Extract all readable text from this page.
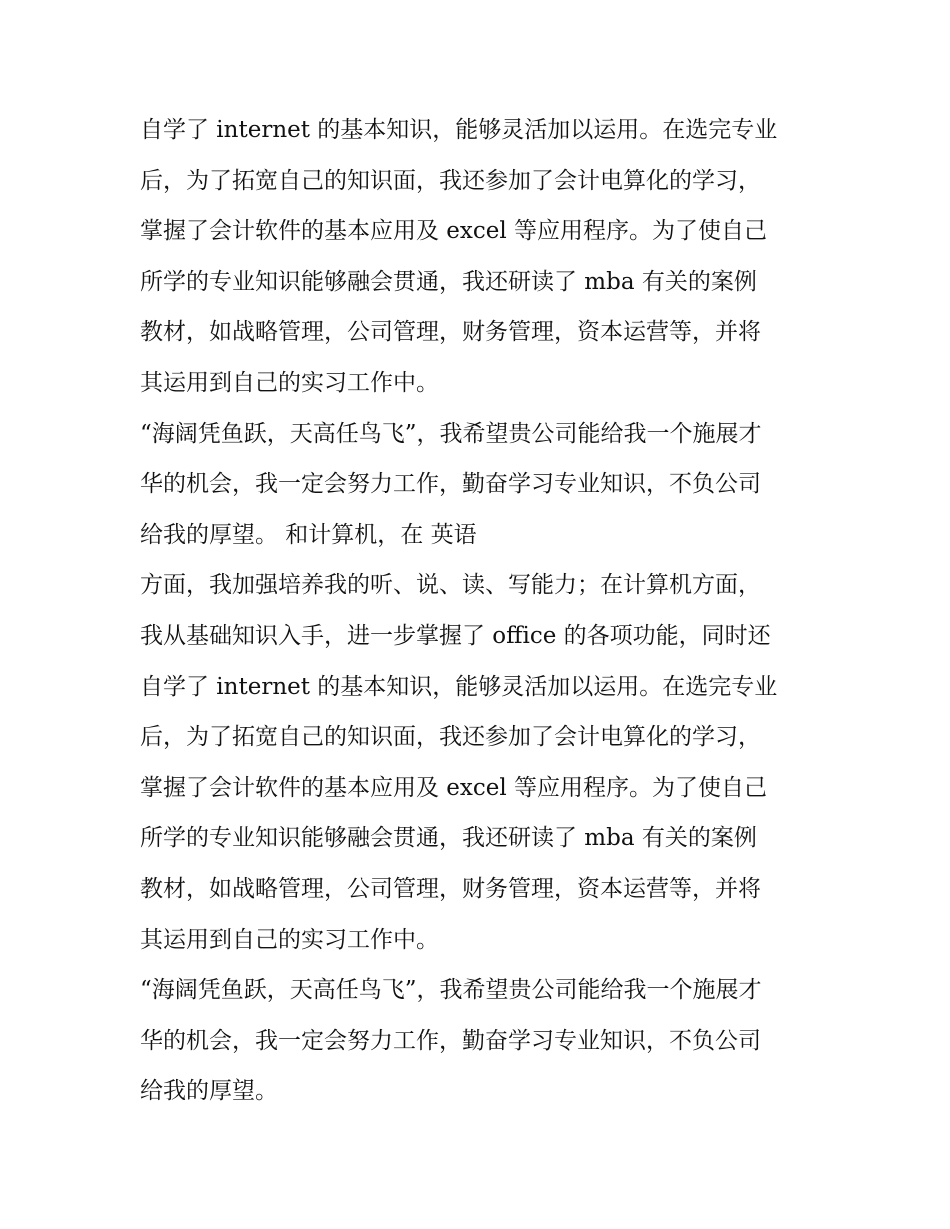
自学了 internet 的基本知识，能够灵活加以运用。在选完专业
后，为了拓宽自己的知识面，我还参加了会计电算化的学习，
掌握了会计软件的基本应用及 excel 等应用程序。为了使自己
所学的专业知识能够融会贯通，我还研读了 mba 有关的案例
教材，如战略管理，公司管理，财务管理，资本运营等，并将
其运用到自己的实习工作中。
“海阔凭鱼跃，天高任鸟飞”，我希望贵公司能给我一个施展才
华的机会，我一定会努力工作，勤奋学习专业知识，不负公司
给我的厚望。 和计算机，在 英语
方面，我加强培养我的听、说、读、写能力；在计算机方面，
我从基础知识入手，进一步掌握了 office 的各项功能，同时还
自学了 internet 的基本知识，能够灵活加以运用。在选完专业
后，为了拓宽自己的知识面，我还参加了会计电算化的学习，
掌握了会计软件的基本应用及 excel 等应用程序。为了使自己
所学的专业知识能够融会贯通，我还研读了 mba 有关的案例
教材，如战略管理，公司管理，财务管理，资本运营等，并将
其运用到自己的实习工作中。
“海阔凭鱼跃，天高任鸟飞”，我希望贵公司能给我一个施展才
华的机会，我一定会努力工作，勤奋学习专业知识，不负公司
给我的厚望。
